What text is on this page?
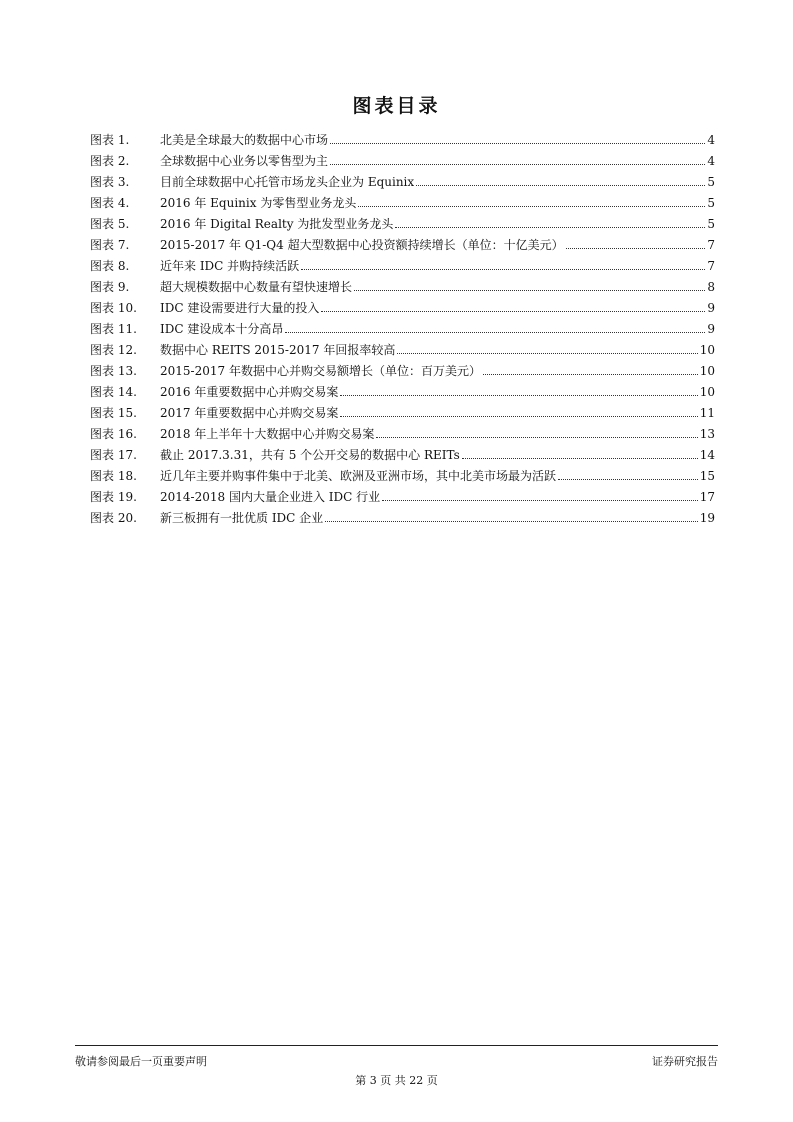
图表目录
图表 1.	北美是全球最大的数据中心市场	4
图表 2.	全球数据中心业务以零售型为主	4
图表 3.	目前全球数据中心托管市场龙头企业为 Equinix	5
图表 4.	2016 年 Equinix 为零售型业务龙头	5
图表 5.	2016 年 Digital Realty 为批发型业务龙头	5
图表 7.	2015-2017 年 Q1-Q4 超大型数据中心投资额持续增长（单位：十亿美元）	7
图表 8.	近年来 IDC 并购持续活跃	7
图表 9.	超大规模数据中心数量有望快速增长	8
图表 10.	IDC 建设需要进行大量的投入	9
图表 11.	IDC 建设成本十分高昂	9
图表 12.	数据中心 REITS 2015-2017 年回报率较高	10
图表 13.	2015-2017 年数据中心并购交易额增长（单位：百万美元）	10
图表 14.	2016 年重要数据中心并购交易案	10
图表 15.	2017 年重要数据中心并购交易案	11
图表 16.	2018 年上半年十大数据中心并购交易案	13
图表 17.	截止 2017.3.31，共有 5 个公开交易的数据中心 REITs	14
图表 18.	近几年主要并购事件集中于北美、欧洲及亚洲市场，其中北美市场最为活跃	15
图表 19.	2014-2018 国内大量企业进入 IDC 行业	17
图表 20.	新三板拥有一批优质 IDC 企业	19
敬请参阅最后一页重要声明	证券研究报告
第 3 页 共 22 页
